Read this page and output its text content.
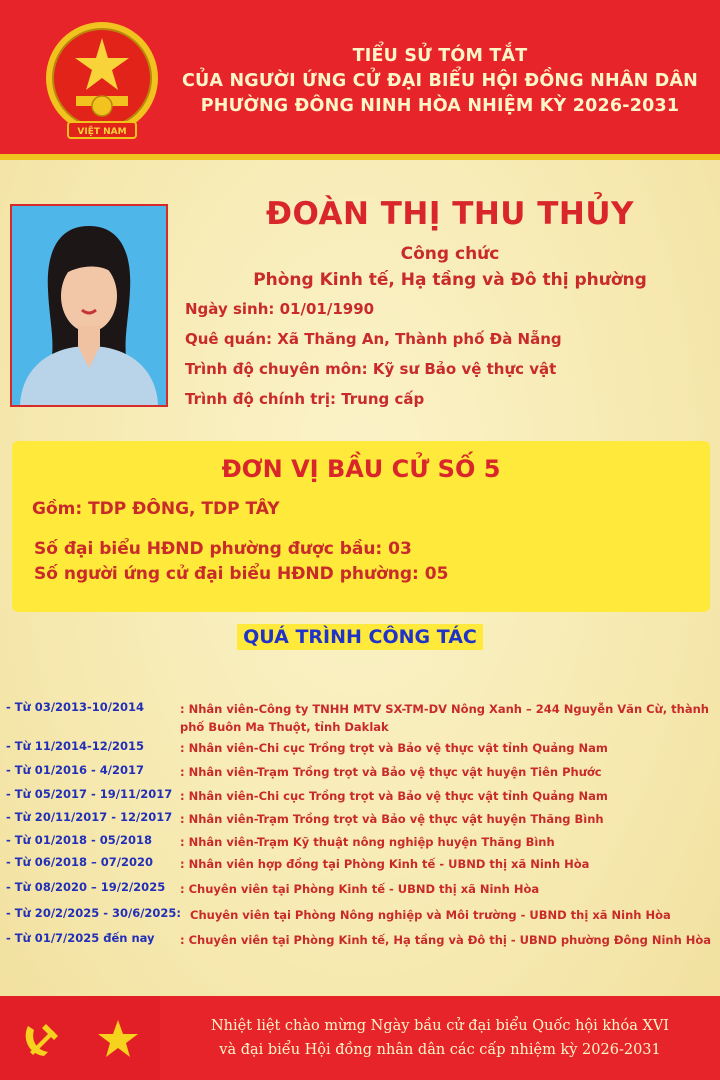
VIỆT NAM
TIỂU SỬ TÓM TẮT
CỦA NGƯỜI ỨNG CỬ ĐẠI BIỂU HỘI ĐỒNG NHÂN DÂN
PHƯỜNG ĐÔNG NINH HÒA NHIỆM KỲ 2026-2031
ĐOÀN THỊ THU THỦY
Công chức
Phòng Kinh tế, Hạ tầng và Đô thị phường
Ngày sinh: 01/01/1990
Quê quán: Xã Thăng An, Thành phố Đà Nẵng
Trình độ chuyên môn: Kỹ sư Bảo vệ thực vật
Trình độ chính trị: Trung cấp
ĐƠN VỊ BẦU CỬ SỐ 5
Gồm: TDP ĐÔNG, TDP TÂY
Số đại biểu HĐND phường được bầu: 03
Số người ứng cử đại biểu HĐND phường: 05
QUÁ TRÌNH CÔNG TÁC
- Từ 03/2013-10/2014	: Nhân viên-Công ty TNHH MTV SX-TM-DV Nông Xanh – 244 Nguyễn Văn Cừ, thành phố Buôn Ma Thuột, tỉnh Daklak
- Từ 11/2014-12/2015	: Nhân viên-Chi cục Trồng trọt và Bảo vệ thực vật tỉnh Quảng Nam
- Từ 01/2016 - 4/2017	: Nhân viên-Trạm Trồng trọt và Bảo vệ thực vật huyện Tiên Phước
- Từ 05/2017 - 19/11/2017 : Nhân viên-Chi cục Trồng trọt và Bảo vệ thực vật tỉnh Quảng Nam
- Từ 20/11/2017 - 12/2017 : Nhân viên-Trạm Trồng trọt và Bảo vệ thực vật huyện Thăng Bình
- Từ 01/2018 - 05/2018 : Nhân viên-Trạm Kỹ thuật nông nghiệp huyện Thăng Bình
- Từ 06/2018 – 07/2020 : Nhân viên hợp đồng tại Phòng Kinh tế - UBND thị xã Ninh Hòa
- Từ 08/2020 – 19/2/2025 : Chuyên viên tại Phòng Kinh tế - UBND thị xã Ninh Hòa
- Từ 20/2/2025 - 30/6/2025: Chuyên viên tại Phòng Nông nghiệp và Môi trường - UBND thị xã Ninh Hòa
- Từ 01/7/2025 đến nay : Chuyên viên tại Phòng Kinh tế, Hạ tầng và Đô thị - UBND phường Đông Ninh Hòa
Nhiệt liệt chào mừng Ngày bầu cử đại biểu Quốc hội khóa XVI
và đại biểu Hội đồng nhân dân các cấp nhiệm kỳ 2026-2031
